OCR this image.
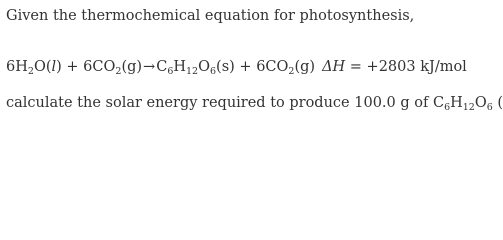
Given the thermochemical equation for photosynthesis,
$6H_2O(l) + 6CO_2(g)\to C_6H_{12}O_6(s) + 6CO_2(g) \Delta H = +2803$ kJ/mol
calculate the solar energy required to produce 100.0 g of $C_6H_{12}O_6$ (
